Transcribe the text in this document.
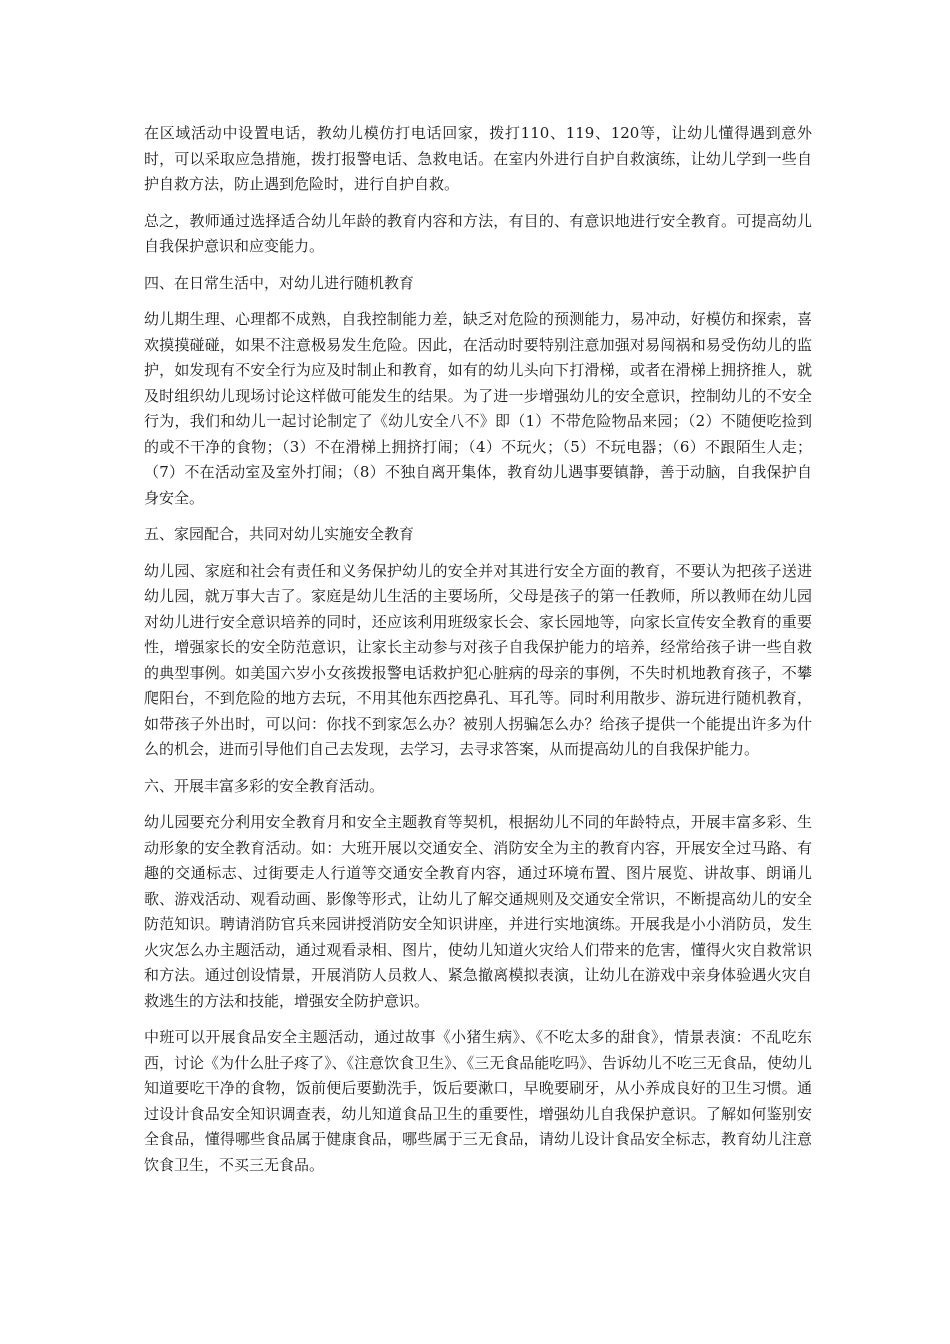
在区域活动中设置电话，教幼儿模仿打电话回家，拨打110、119、120等，让幼儿懂得遇到意外时，可以采取应急措施，拨打报警电话、急救电话。在室内外进行自护自救演练，让幼儿学到一些自护自救方法，防止遇到危险时，进行自护自救。

总之，教师通过选择适合幼儿年龄的教育内容和方法，有目的、有意识地进行安全教育。可提高幼儿自我保护意识和应变能力。

四、在日常生活中，对幼儿进行随机教育

幼儿期生理、心理都不成熟，自我控制能力差，缺乏对危险的预测能力，易冲动，好模仿和探索，喜欢摸摸碰碰，如果不注意极易发生危险。因此，在活动时要特别注意加强对易闯祸和易受伤幼儿的监护，如发现有不安全行为应及时制止和教育，如有的幼儿头向下打滑梯，或者在滑梯上拥挤推人，就及时组织幼儿现场讨论这样做可能发生的结果。为了进一步增强幼儿的安全意识，控制幼儿的不安全行为，我们和幼儿一起讨论制定了《幼儿安全八不》即（1）不带危险物品来园；（2）不随便吃捡到的或不干净的食物；（3）不在滑梯上拥挤打闹；（4）不玩火；（5）不玩电器；（6）不跟陌生人走；（7）不在活动室及室外打闹；（8）不独自离开集体，教育幼儿遇事要镇静，善于动脑，自我保护自身安全。

五、家园配合，共同对幼儿实施安全教育

幼儿园、家庭和社会有责任和义务保护幼儿的安全并对其进行安全方面的教育，不要认为把孩子送进幼儿园，就万事大吉了。家庭是幼儿生活的主要场所，父母是孩子的第一任教师，所以教师在幼儿园对幼儿进行安全意识培养的同时，还应该利用班级家长会、家长园地等，向家长宣传安全教育的重要性，增强家长的安全防范意识，让家长主动参与对孩子自我保护能力的培养，经常给孩子讲一些自救的典型事例。如美国六岁小女孩拨报警电话救护犯心脏病的母亲的事例，不失时机地教育孩子，不攀爬阳台，不到危险的地方去玩，不用其他东西挖鼻孔、耳孔等。同时利用散步、游玩进行随机教育，如带孩子外出时，可以问：你找不到家怎么办？被别人拐骗怎么办？给孩子提供一个能提出许多为什么的机会，进而引导他们自己去发现，去学习，去寻求答案，从而提高幼儿的自我保护能力。

六、开展丰富多彩的安全教育活动。

幼儿园要充分利用安全教育月和安全主题教育等契机，根据幼儿不同的年龄特点，开展丰富多彩、生动形象的安全教育活动。如：大班开展以交通安全、消防安全为主的教育内容，开展安全过马路、有趣的交通标志、过街要走人行道等交通安全教育内容，通过环境布置、图片展览、讲故事、朗诵儿歌、游戏活动、观看动画、影像等形式，让幼儿了解交通规则及交通安全常识，不断提高幼儿的安全防范知识。聘请消防官兵来园讲授消防安全知识讲座，并进行实地演练。开展我是小小消防员，发生火灾怎么办主题活动，通过观看录相、图片，使幼儿知道火灾给人们带来的危害，懂得火灾自救常识和方法。通过创设情景，开展消防人员救人、紧急撤离模拟表演，让幼儿在游戏中亲身体验遇火灾自救逃生的方法和技能，增强安全防护意识。

中班可以开展食品安全主题活动，通过故事《小猪生病》、《不吃太多的甜食》，情景表演：不乱吃东西，讨论《为什么肚子疼了》、《注意饮食卫生》、《三无食品能吃吗》、告诉幼儿不吃三无食品，使幼儿知道要吃干净的食物，饭前便后要勤洗手，饭后要漱口，早晚要刷牙，从小养成良好的卫生习惯。通过设计食品安全知识调查表，幼儿知道食品卫生的重要性，增强幼儿自我保护意识。了解如何鉴别安全食品，懂得哪些食品属于健康食品，哪些属于三无食品，请幼儿设计食品安全标志，教育幼儿注意饮食卫生，不买三无食品。
